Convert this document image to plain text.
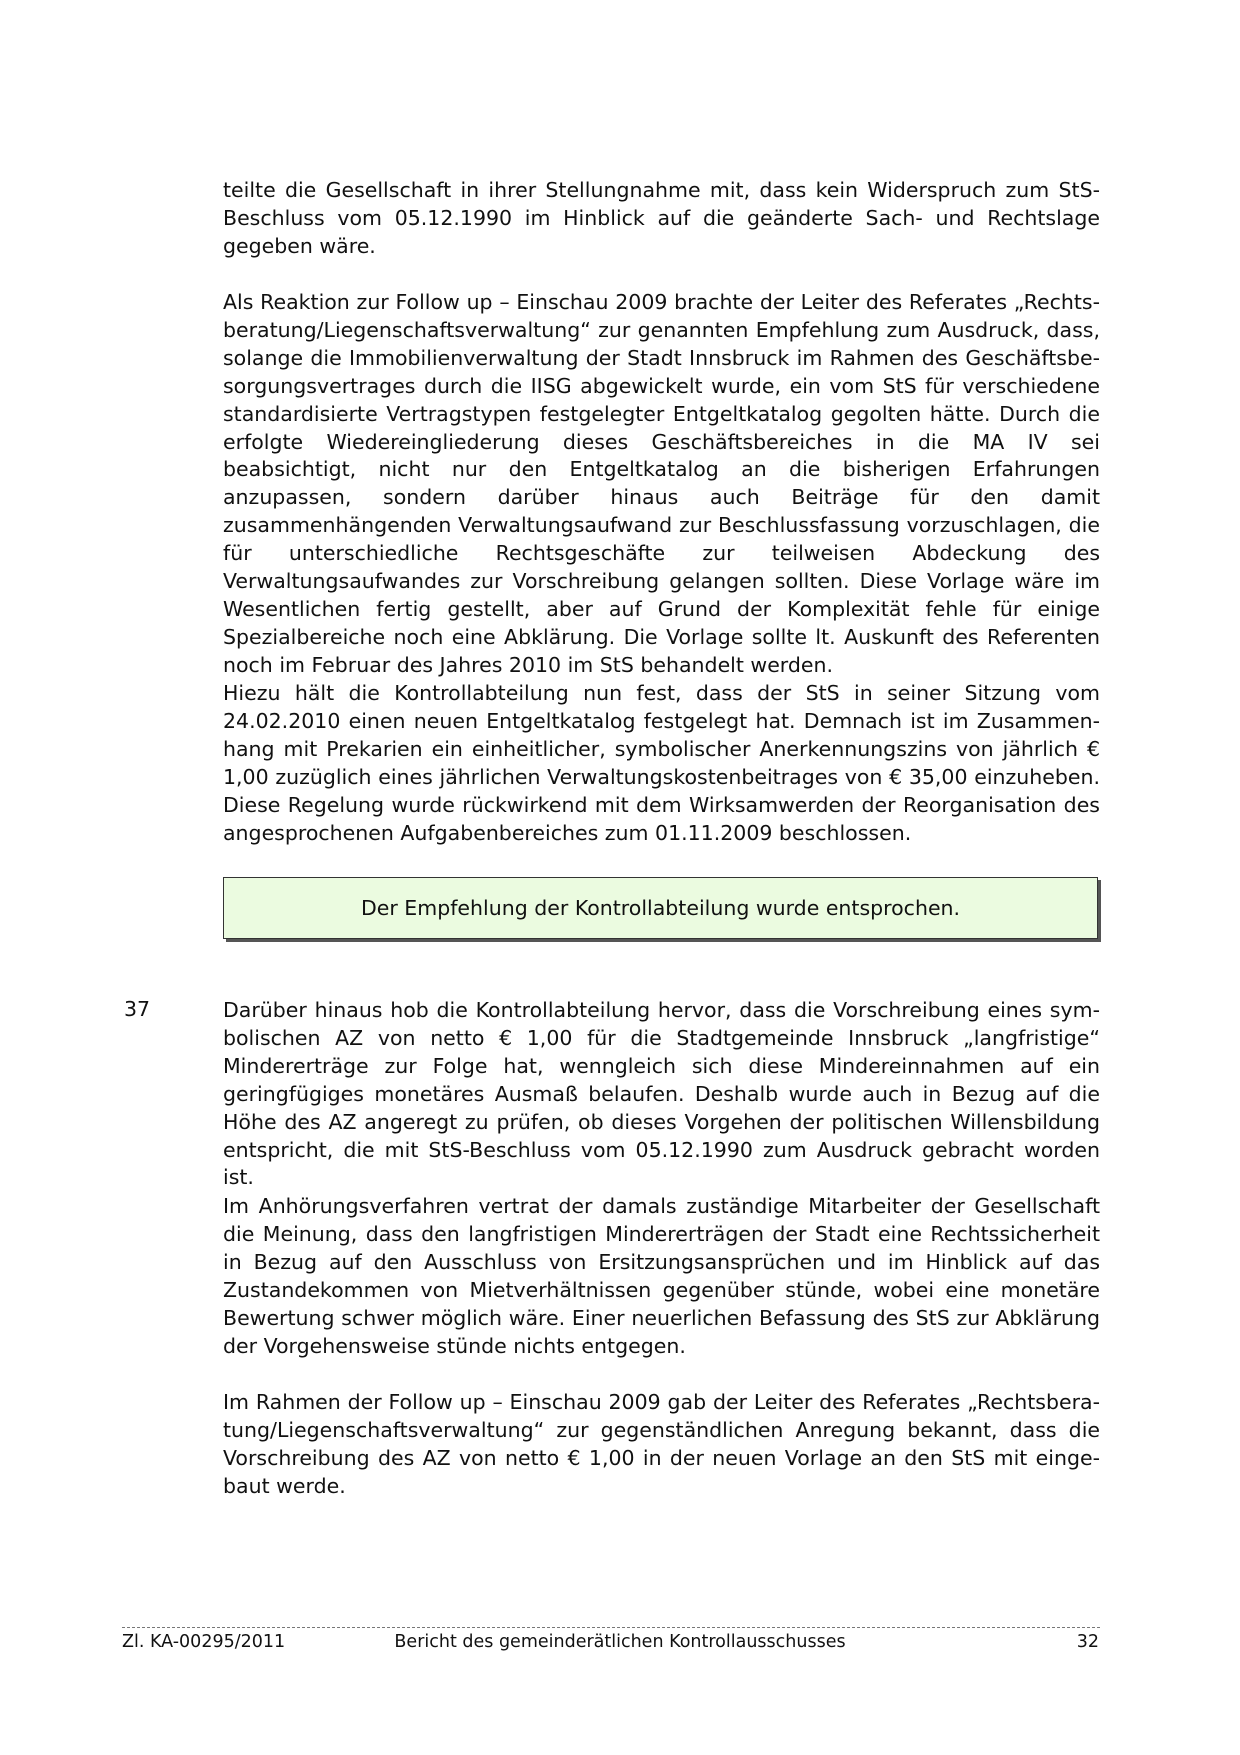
teilte die Gesellschaft in ihrer Stellungnahme mit, dass kein Widerspruch zum StS-Beschluss vom 05.12.1990 im Hinblick auf die geänderte Sach- und Rechtslage gegeben wäre.

Als Reaktion zur Follow up – Einschau 2009 brachte der Leiter des Referates „Rechtsberatung/Liegenschaftsverwaltung“ zur genannten Empfehlung zum Ausdruck, dass, solange die Immobilienverwaltung der Stadt Innsbruck im Rahmen des Geschäftsbesorgungsvertrages durch die IISG abgewickelt wurde, ein vom StS für verschiedene standardisierte Vertragstypen festgelegter Entgeltkatalog gegolten hätte. Durch die erfolgte Wiedereingliederung dieses Geschäftsbereiches in die MA IV sei beabsichtigt, nicht nur den Entgeltkatalog an die bisherigen Erfahrungen anzupassen, sondern darüber hinaus auch Beiträge für den damit zusammenhängenden Verwaltungsaufwand zur Beschlussfassung vorzuschlagen, die für unterschiedliche Rechtsgeschäfte zur teilweisen Abdeckung des Verwaltungsaufwandes zur Vorschreibung gelangen sollten. Diese Vorlage wäre im Wesentlichen fertig gestellt, aber auf Grund der Komplexität fehle für einige Spezialbereiche noch eine Abklärung. Die Vorlage sollte lt. Auskunft des Referenten noch im Februar des Jahres 2010 im StS behandelt werden.

Hiezu hält die Kontrollabteilung nun fest, dass der StS in seiner Sitzung vom 24.02.2010 einen neuen Entgeltkatalog festgelegt hat. Demnach ist im Zusammenhang mit Prekarien ein einheitlicher, symbolischer Anerkennungszins von jährlich € 1,00 zuzüglich eines jährlichen Verwaltungskostenbeitrages von € 35,00 einzuheben. Diese Regelung wurde rückwirkend mit dem Wirksamwerden der Reorganisation des angesprochenen Aufgabenbereiches zum 01.11.2009 beschlossen.

Der Empfehlung der Kontrollabteilung wurde entsprochen.
37	Darüber hinaus hob die Kontrollabteilung hervor, dass die Vorschreibung eines symbolischen AZ von netto € 1,00 für die Stadtgemeinde Innsbruck „langfristige“ Mindererträge zur Folge hat, wenngleich sich diese Mindereinnahmen auf ein geringfügiges monetäres Ausmaß belaufen. Deshalb wurde auch in Bezug auf die Höhe des AZ angeregt zu prüfen, ob dieses Vorgehen der politischen Willensbildung entspricht, die mit StS-Beschluss vom 05.12.1990 zum Ausdruck gebracht worden ist.

Im Anhörungsverfahren vertrat der damals zuständige Mitarbeiter der Gesellschaft die Meinung, dass den langfristigen Mindererträgen der Stadt eine Rechtssicherheit in Bezug auf den Ausschluss von Ersitzungsansprüchen und im Hinblick auf das Zustandekommen von Mietverhältnissen gegenüber stünde, wobei eine monetäre Bewertung schwer möglich wäre. Einer neuerlichen Befassung des StS zur Abklärung der Vorgehensweise stünde nichts entgegen.

Im Rahmen der Follow up – Einschau 2009 gab der Leiter des Referates „Rechtsberatung/Liegenschaftsverwaltung“ zur gegenständlichen Anregung bekannt, dass die Vorschreibung des AZ von netto € 1,00 in der neuen Vorlage an den StS mit eingebaut werde.

Zl. KA-00295/2011	Bericht des gemeinderätlichen Kontrollausschusses	32
